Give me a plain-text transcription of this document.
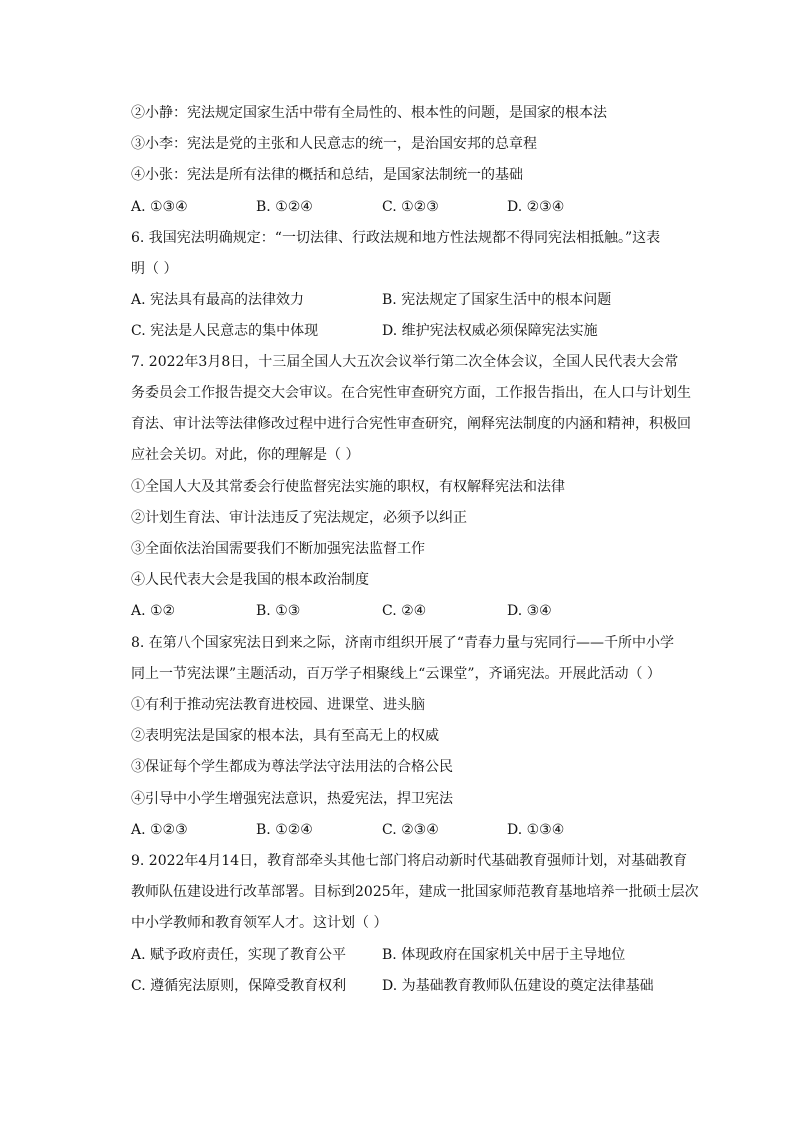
②小静：宪法规定国家生活中带有全局性的、根本性的问题，是国家的根本法
③小李：宪法是党的主张和人民意志的统一，是治国安邦的总章程
④小张：宪法是所有法律的概括和总结，是国家法制统一的基础
A. ①③④	B. ①②④	C. ①②③	D. ②③④
6. 我国宪法明确规定：“一切法律、行政法规和地方性法规都不得同宪法相抵触。”这表
明（ ）
A. 宪法具有最高的法律效力	B. 宪法规定了国家生活中的根本问题
C. 宪法是人民意志的集中体现	D. 维护宪法权威必须保障宪法实施
7. 2022年3月8日，十三届全国人大五次会议举行第二次全体会议，全国人民代表大会常
务委员会工作报告提交大会审议。在合宪性审查研究方面，工作报告指出，在人口与计划生
育法、审计法等法律修改过程中进行合宪性审查研究，阐释宪法制度的内涵和精神，积极回
应社会关切。对此，你的理解是（ ）
①全国人大及其常委会行使监督宪法实施的职权，有权解释宪法和法律
②计划生育法、审计法违反了宪法规定，必须予以纠正
③全面依法治国需要我们不断加强宪法监督工作
④人民代表大会是我国的根本政治制度
A. ①②	B. ①③	C. ②④	D. ③④
8. 在第八个国家宪法日到来之际，济南市组织开展了“青春力量与宪同行——千所中小学
同上一节宪法课”主题活动，百万学子相聚线上“云课堂”，齐诵宪法。开展此活动（ ）
①有利于推动宪法教育进校园、进课堂、进头脑
②表明宪法是国家的根本法，具有至高无上的权威
③保证每个学生都成为尊法学法守法用法的合格公民
④引导中小学生增强宪法意识，热爱宪法，捍卫宪法
A. ①②③	B. ①②④	C. ②③④	D. ①③④
9. 2022年4月14日，教育部牵头其他七部门将启动新时代基础教育强师计划，对基础教育
教师队伍建设进行改革部署。目标到2025年，建成一批国家师范教育基地培养一批硕士层次
中小学教师和教育领军人才。这计划（ ）
A. 赋予政府责任，实现了教育公平	B. 体现政府在国家机关中居于主导地位
C. 遵循宪法原则，保障受教育权利	D. 为基础教育教师队伍建设的奠定法律基础
